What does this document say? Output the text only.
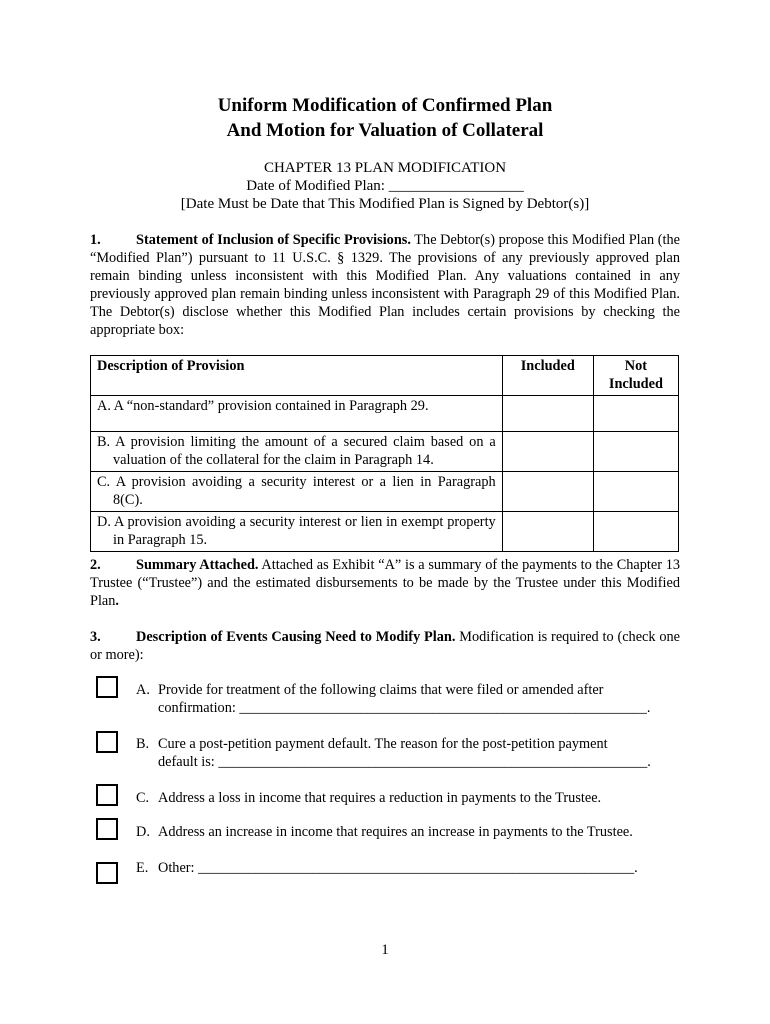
Uniform Modification of Confirmed Plan
And Motion for Valuation of Collateral
CHAPTER 13 PLAN MODIFICATION
Date of Modified Plan: __________________
[Date Must be Date that This Modified Plan is Signed by Debtor(s)]
1. Statement of Inclusion of Specific Provisions. The Debtor(s) propose this Modified Plan (the “Modified Plan”) pursuant to 11 U.S.C. § 1329. The provisions of any previously approved plan remain binding unless inconsistent with this Modified Plan. Any valuations contained in any previously approved plan remain binding unless inconsistent with Paragraph 29 of this Modified Plan. The Debtor(s) disclose whether this Modified Plan includes certain provisions by checking the appropriate box:
Description of Provision	Included	Not Included

A. A “non-standard” provision contained in Paragraph 29.		

B. A provision limiting the amount of a secured claim based on a valuation of the collateral for the claim in Paragraph 14.		

C. A provision avoiding a security interest or a lien in Paragraph 8(C).		

D. A provision avoiding a security interest or lien in exempt property in Paragraph 15.		

2. Summary Attached. Attached as Exhibit “A” is a summary of the payments to the Chapter 13 Trustee (“Trustee”) and the estimated disbursements to be made by the Trustee under this Modified Plan.
3. Description of Events Causing Need to Modify Plan. Modification is required to (check one or more):
A. Provide for treatment of the following claims that were filed or amended after
confirmation: _________________________________________________________.
B. Cure a post-petition payment default. The reason for the post-petition payment
default is: ____________________________________________________________.
C. Address a loss in income that requires a reduction in payments to the Trustee.
D. Address an increase in income that requires an increase in payments to the Trustee.
E. Other: _____________________________________________________________.
1
